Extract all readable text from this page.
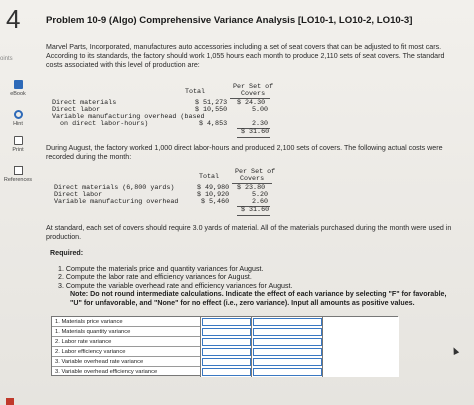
4
oints
eBook
Hint
Print
References
Problem 10-9 (Algo) Comprehensive Variance Analysis [LO10-1, LO10-2, LO10-3]
Marvel Parts, Incorporated, manufactures auto accessories including a set of seat covers that can be adjusted to fit most cars. According to its standards, the factory should work 1,055 hours each month to produce 2,110 sets of seat covers. The standard costs associated with this level of production are:
Total
Per Set of
Covers
Direct materials	$ 51,273 $ 24.30
Direct labor	$ 10,550	5.00
Variable manufacturing overhead (based
on direct labor-hours)	$ 4,853	2.30
$ 31.60
During August, the factory worked 1,000 direct labor-hours and produced 2,100 sets of covers. The following actual costs were recorded during the month:
Total
Per Set of
Covers
Direct materials (6,800 yards)	$ 49,980 $ 23.80
Direct labor	$ 10,920	5.20
Variable manufacturing overhead	$ 5,460	2.60
$ 31.60
At standard, each set of covers should require 3.0 yards of material. All of the materials purchased during the month were used in production.
Required:
1. Compute the materials price and quantity variances for August.
2. Compute the labor rate and efficiency variances for August.
3. Compute the variable overhead rate and efficiency variances for August.
Note: Do not round intermediate calculations. Indicate the effect of each variance by selecting "F" for favorable, "U" for unfavorable, and "None" for no effect (i.e., zero variance). Input all amounts as positive values.
1. Materials price variance
1. Materials quantity variance
2. Labor rate variance
2. Labor efficiency variance
3. Variable overhead rate variance
3. Variable overhead efficiency variance
